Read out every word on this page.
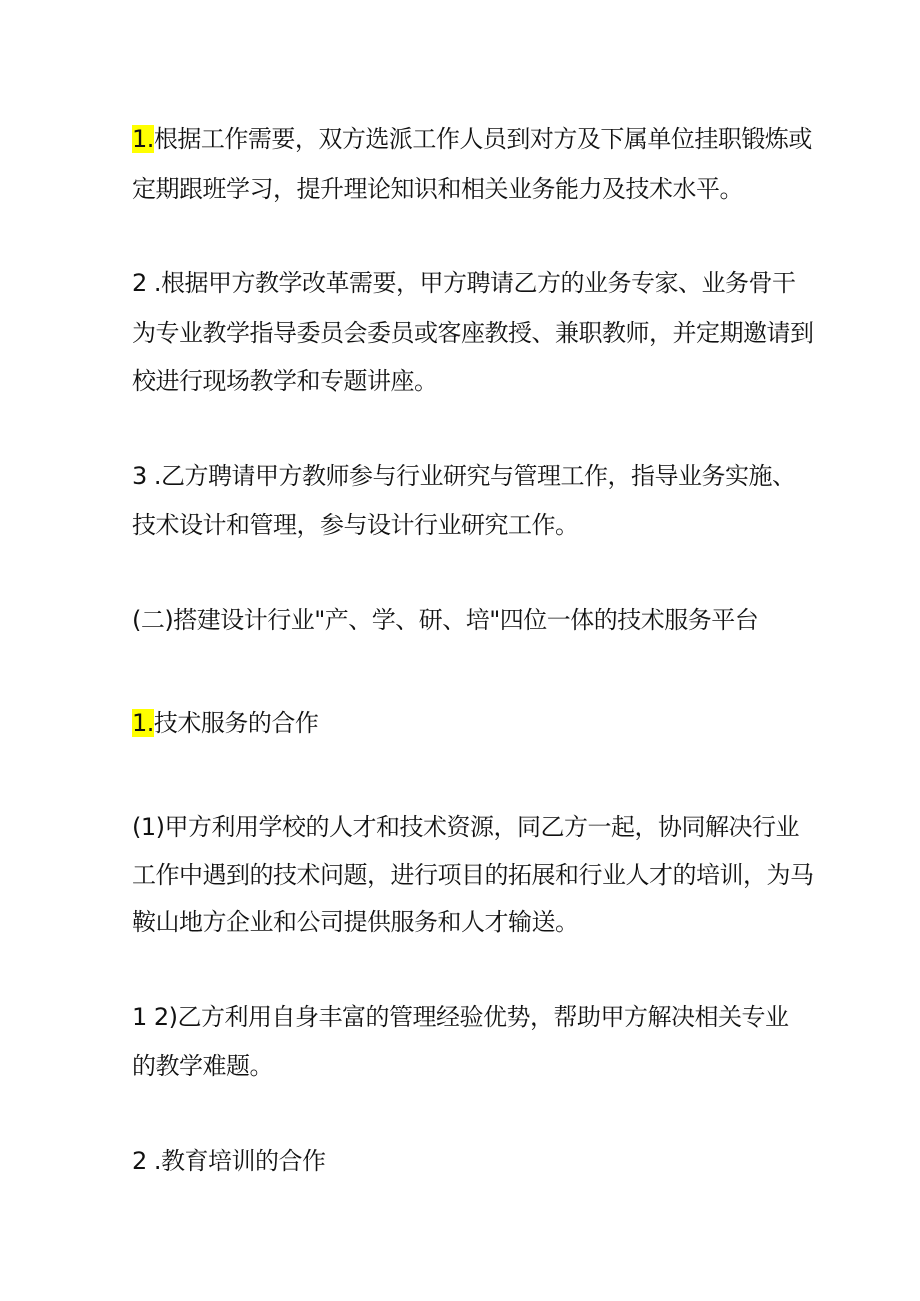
1.根据工作需要，双方选派工作人员到对方及下属单位挂职锻炼或
定期跟班学习，提升理论知识和相关业务能力及技术水平。
2 .根据甲方教学改革需要，甲方聘请乙方的业务专家、业务骨干
为专业教学指导委员会委员或客座教授、兼职教师，并定期邀请到
校进行现场教学和专题讲座。
3 .乙方聘请甲方教师参与行业研究与管理工作，指导业务实施、
技术设计和管理，参与设计行业研究工作。
(二)搭建设计行业"产、学、研、培"四位一体的技术服务平台
1.技术服务的合作
(1)甲方利用学校的人才和技术资源，同乙方一起，协同解决行业
工作中遇到的技术问题，进行项目的拓展和行业人才的培训，为马
鞍山地方企业和公司提供服务和人才输送。
1 2)乙方利用自身丰富的管理经验优势，帮助甲方解决相关专业
的教学难题。
2 .教育培训的合作
